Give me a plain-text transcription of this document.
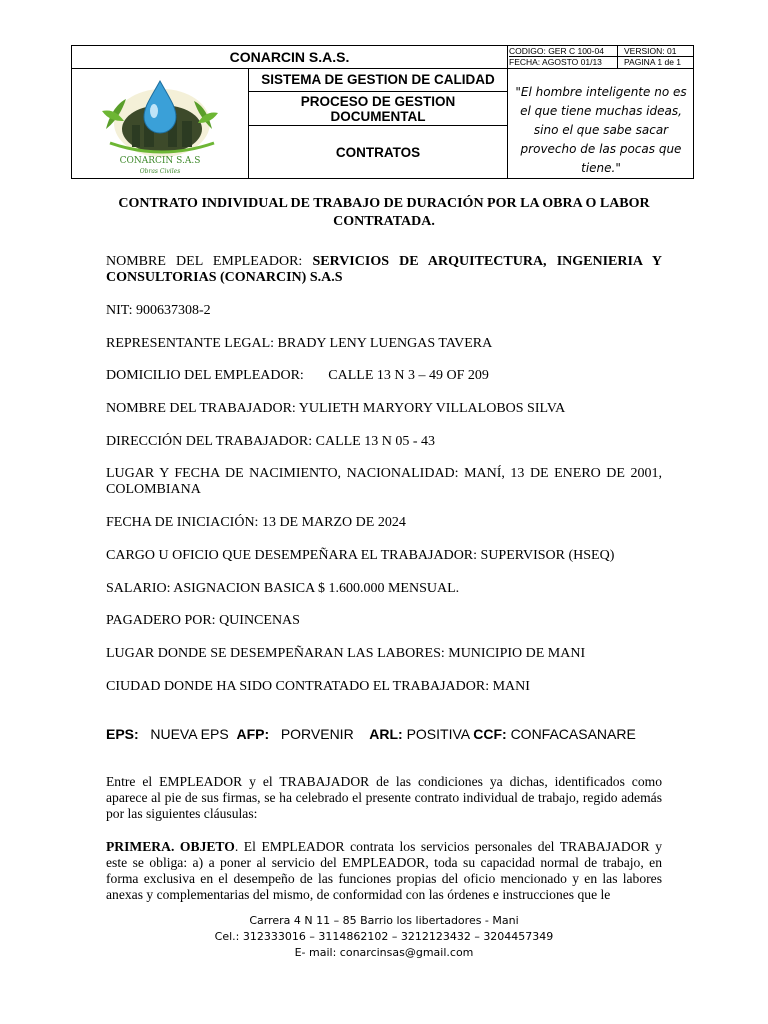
CONARCIN S.A.S.	CODIGO: GER C 100-04
FECHA: AGOSTO 01/13
VERSION: 01
PAGINA 1 de 1
CONARCIN S.A.S
Obras Civiles
SISTEMA DE GESTION DE CALIDAD
PROCESO DE GESTION
DOCUMENTAL
CONTRATOS
"El hombre inteligente no es el que tiene muchas ideas, sino el que sabe sacar provecho de las pocas que tiene."
CONTRATO INDIVIDUAL DE TRABAJO DE DURACIÓN POR LA OBRA O LABOR
CONTRATADA.
NOMBRE DEL EMPLEADOR: SERVICIOS DE ARQUITECTURA, INGENIERIA Y
CONSULTORIAS (CONARCIN) S.A.S
NIT: 900637308-2
REPRESENTANTE LEGAL: BRADY LENY LUENGAS TAVERA
DOMICILIO DEL EMPLEADOR:       CALLE 13 N 3 – 49 OF 209
NOMBRE DEL TRABAJADOR: YULIETH MARYORY VILLALOBOS SILVA
DIRECCIÓN DEL TRABAJADOR: CALLE 13 N 05 - 43
LUGAR Y FECHA DE NACIMIENTO, NACIONALIDAD: MANÍ, 13 DE ENERO DE 2001,
COLOMBIANA
FECHA DE INICIACIÓN: 13 DE MARZO DE 2024
CARGO U OFICIO QUE DESEMPEÑARA EL TRABAJADOR: SUPERVISOR (HSEQ)
SALARIO: ASIGNACION BASICA $ 1.600.000 MENSUAL.
PAGADERO POR: QUINCENAS
LUGAR DONDE SE DESEMPEÑARAN LAS LABORES: MUNICIPIO DE MANI
CIUDAD DONDE HA SIDO CONTRATADO EL TRABAJADOR: MANI
EPS: NUEVA EPS AFP: PORVENIR ARL: POSITIVA CCF: CONFACASANARE
Entre el EMPLEADOR y el TRABAJADOR de las condiciones ya dichas, identificados como aparece al pie de sus firmas, se ha celebrado el presente contrato individual de trabajo, regido además por las siguientes cláusulas:
PRIMERA. OBJETO. El EMPLEADOR contrata los servicios personales del TRABAJADOR y este se obliga: a) a poner al servicio del EMPLEADOR, toda su capacidad normal de trabajo, en forma exclusiva en el desempeño de las funciones propias del oficio mencionado y en las labores anexas y complementarias del mismo, de conformidad con las órdenes e instrucciones que le
Carrera 4 N 11 – 85 Barrio los libertadores - Mani
Cel.: 312333016 – 3114862102 – 3212123432 – 3204457349
E- mail: conarcinsas@gmail.com
